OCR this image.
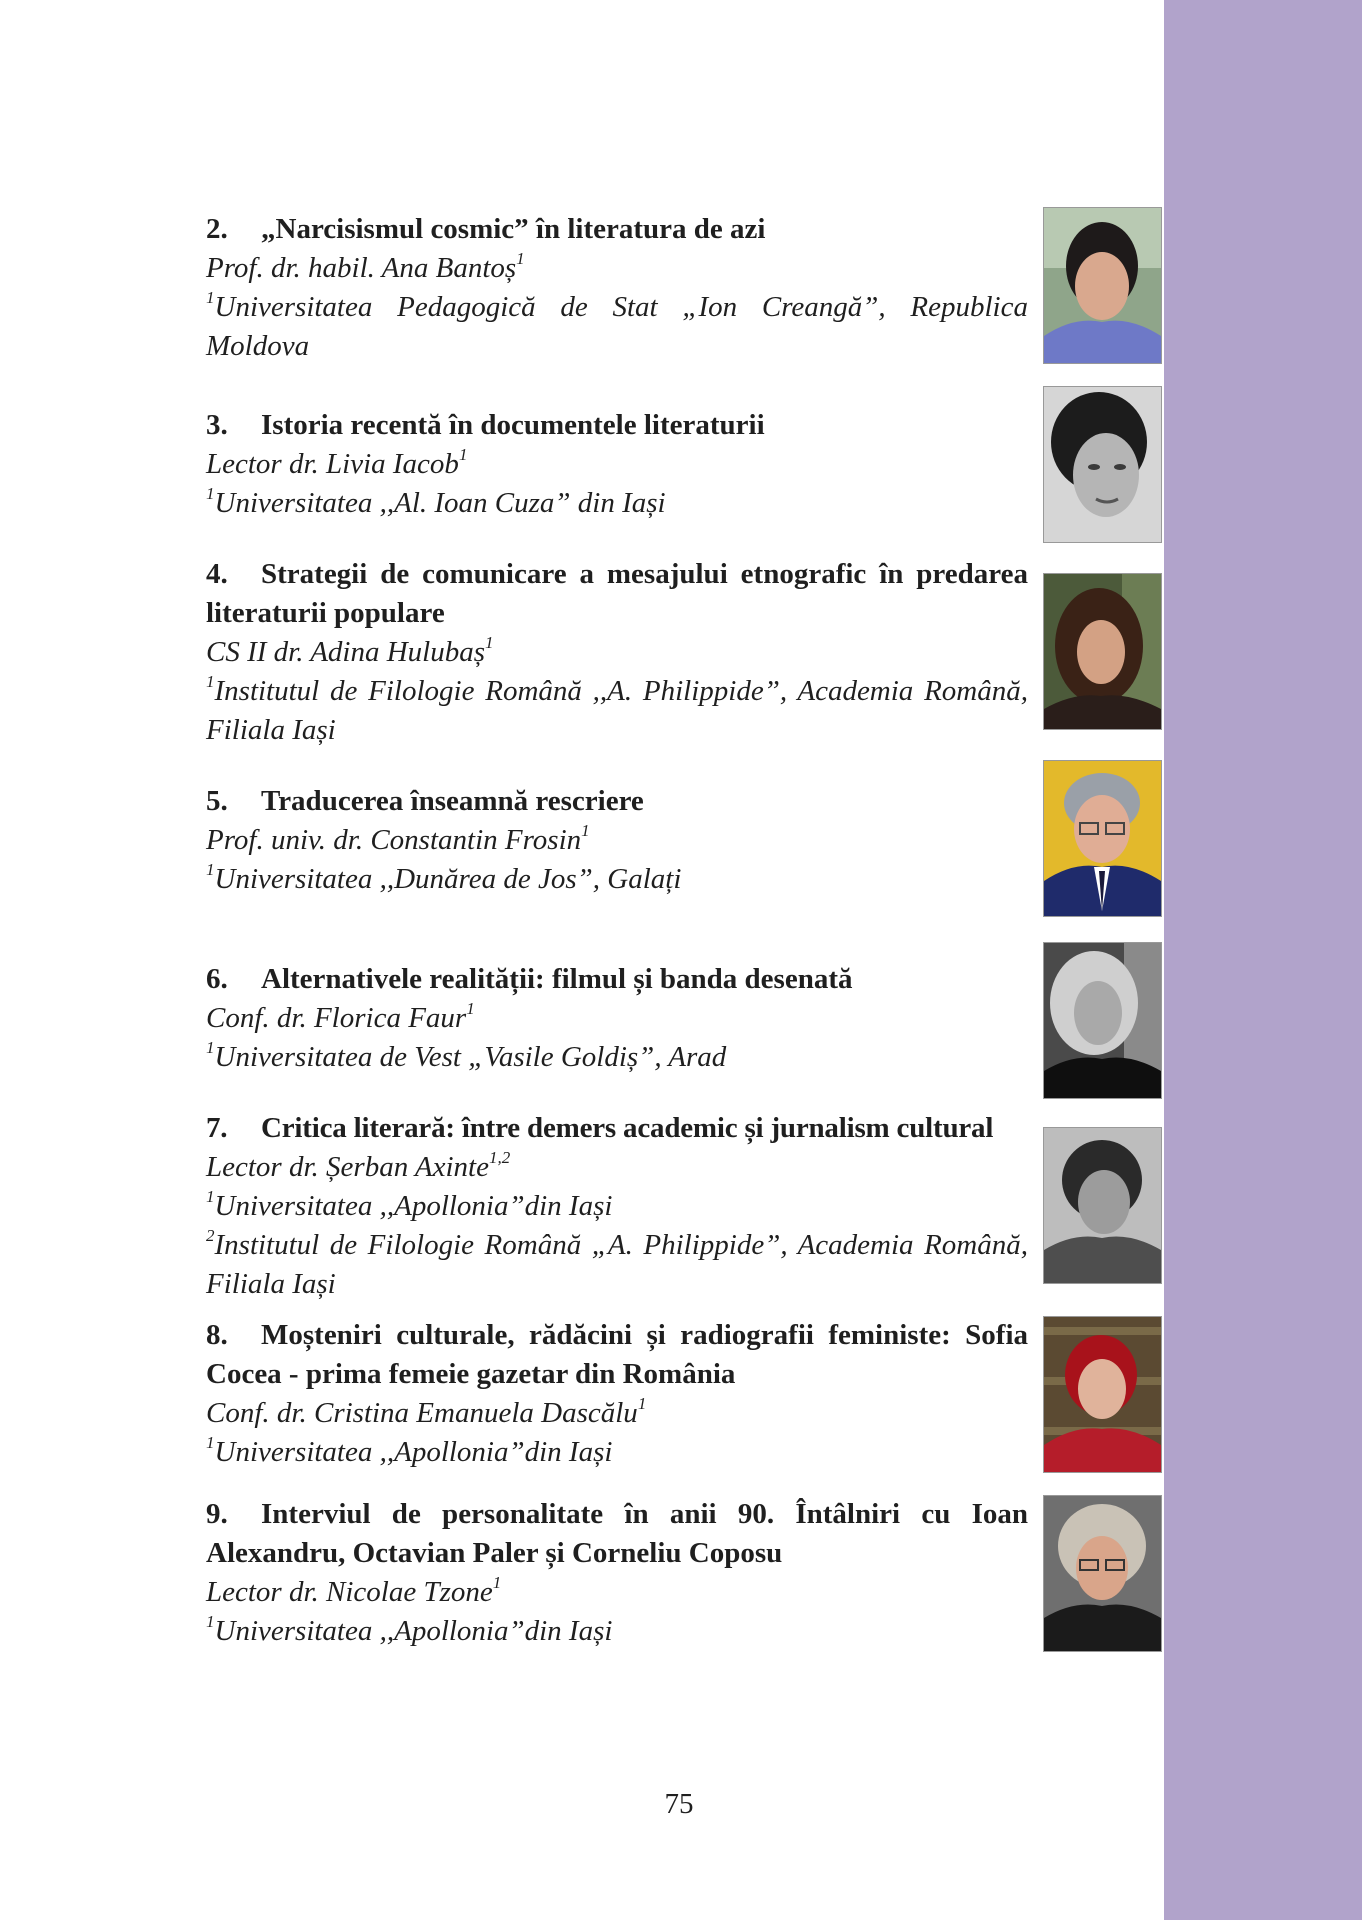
2. „Narcisismul cosmic” în literatura de azi

Prof. dr. habil. Ana Bantoș$^1$

$^1$Universitatea Pedagogică de Stat „Ion Creangă”, Republica Moldova

3. Istoria recentă în documentele literaturii

Lector dr. Livia Iacob$^1$

$^1$Universitatea ,,Al. Ioan Cuza” din Iași

4. Strategii de comunicare a mesajului etnografic în predarea literaturii populare

CS II dr. Adina Hulubaș$^1$

$^1$Institutul de Filologie Română ,,A. Philippide”, Academia Română, Filiala Iași

5. Traducerea înseamnă rescriere

Prof. univ. dr. Constantin Frosin$^1$

$^1$Universitatea ,,Dunărea de Jos”, Galați

6. Alternativele realității: filmul și banda desenată

Conf. dr. Florica Faur$^1$

$^1$Universitatea de Vest „Vasile Goldiș”, Arad

7. Critica literară: între demers academic și jurnalism cultural

Lector dr. Șerban Axinte$^{1,2}$

$^1$Universitatea ,,Apollonia”din Iași

$^2$Institutul de Filologie Română „A. Philippide”, Academia Română, Filiala Iași

8. Moșteniri culturale, rădăcini și radiografii feministe: Sofia Cocea - prima femeie gazetar din România

Conf. dr. Cristina Emanuela Dascălu$^1$

$^1$Universitatea ,,Apollonia”din Iași

9. Interviul de personalitate în anii 90. Întâlniri cu Ioan Alexandru, Octavian Paler și Corneliu Coposu

Lector dr. Nicolae Tzone$^1$

$^1$Universitatea ,,Apollonia”din Iași

75
